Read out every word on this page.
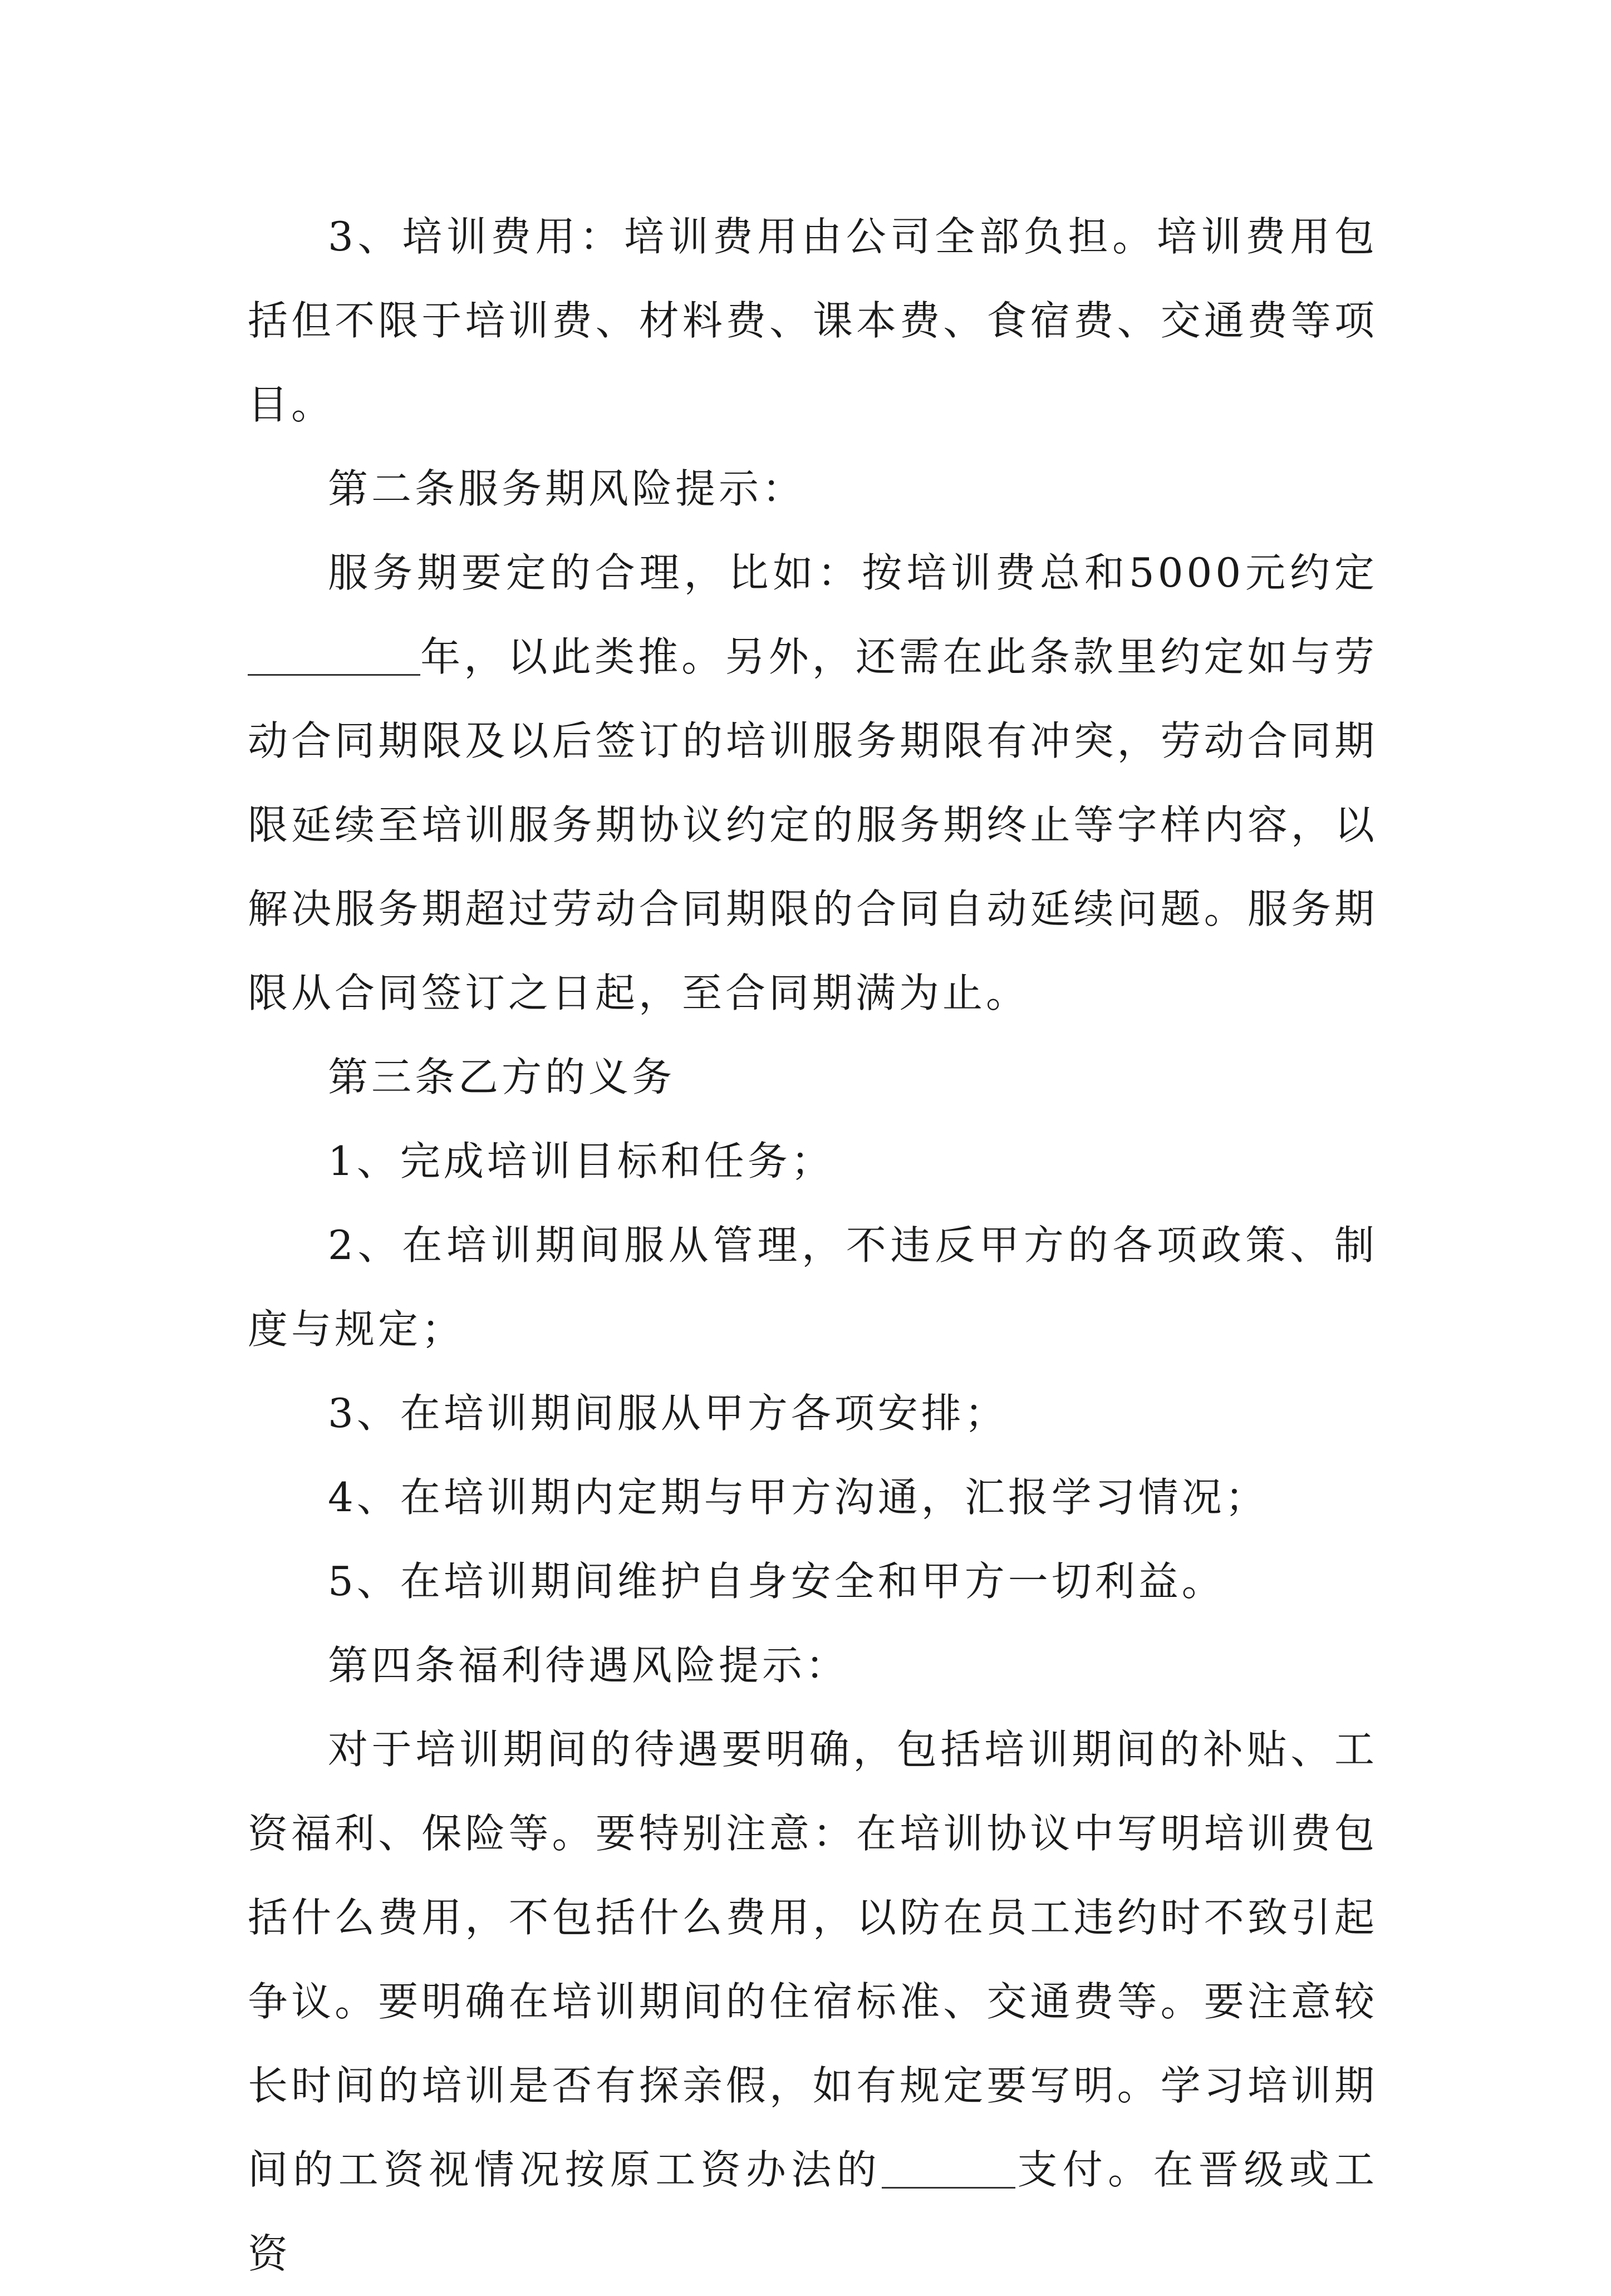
3、培训费用：培训费用由公司全部负担。培训费用包括但不限于培训费、材料费、课本费、食宿费、交通费等项目。

第二条服务期风险提示：

服务期要定的合理，比如：按培训费总和5000元约定年，以此类推。另外，还需在此条款里约定如与劳动合同期限及以后签订的培训服务期限有冲突，劳动合同期限延续至培训服务期协议约定的服务期终止等字样内容，以解决服务期超过劳动合同期限的合同自动延续问题。服务期限从合同签订之日起，至合同期满为止。

第三条乙方的义务

1、完成培训目标和任务；

2、在培训期间服从管理，不违反甲方的各项政策、制度与规定；

3、在培训期间服从甲方各项安排；

4、在培训期内定期与甲方沟通，汇报学习情况；

5、在培训期间维护自身安全和甲方一切利益。

第四条福利待遇风险提示：

对于培训期间的待遇要明确，包括培训期间的补贴、工资福利、保险等。要特别注意：在培训协议中写明培训费包括什么费用，不包括什么费用，以防在员工违约时不致引起争议。要明确在培训期间的住宿标准、交通费等。要注意较长时间的培训是否有探亲假，如有规定要写明。学习培训期间的工资视情况按原工资办法的	支付。在晋级或工资
